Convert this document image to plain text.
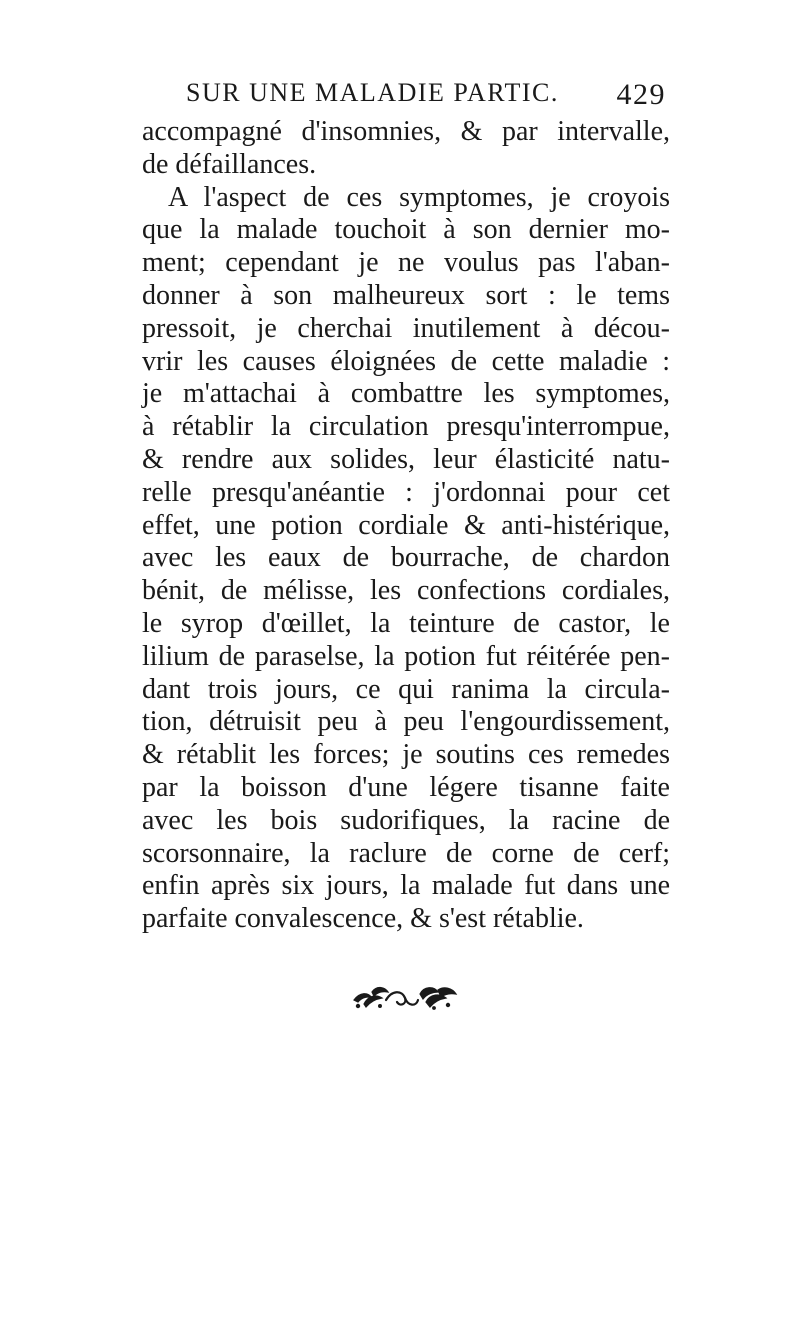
SUR UNE MALADIE PARTIC. 429
accompagné d'insomnies, & par intervalle,
de défaillances.
A l'aspect de ces symptomes, je croyois
que la malade touchoit à son dernier mo-
ment; cependant je ne voulus pas l'aban-
donner à son malheureux sort : le tems
pressoit, je cherchai inutilement à décou-
vrir les causes éloignées de cette maladie :
je m'attachai à combattre les symptomes,
à rétablir la circulation presqu'interrompue,
& rendre aux solides, leur élasticité natu-
relle presqu'anéantie : j'ordonnai pour cet
effet, une potion cordiale & anti-histérique,
avec les eaux de bourrache, de chardon
bénit, de mélisse, les confections cordiales,
le syrop d'œillet, la teinture de castor, le
lilium de paraselse, la potion fut réitérée pen-
dant trois jours, ce qui ranima la circula-
tion, détruisit peu à peu l'engourdissement,
& rétablit les forces; je soutins ces remedes
par la boisson d'une légere tisanne faite
avec les bois sudorifiques, la racine de
scorsonnaire, la raclure de corne de cerf;
enfin après six jours, la malade fut dans une
parfaite convalescence, & s'est rétablie.
